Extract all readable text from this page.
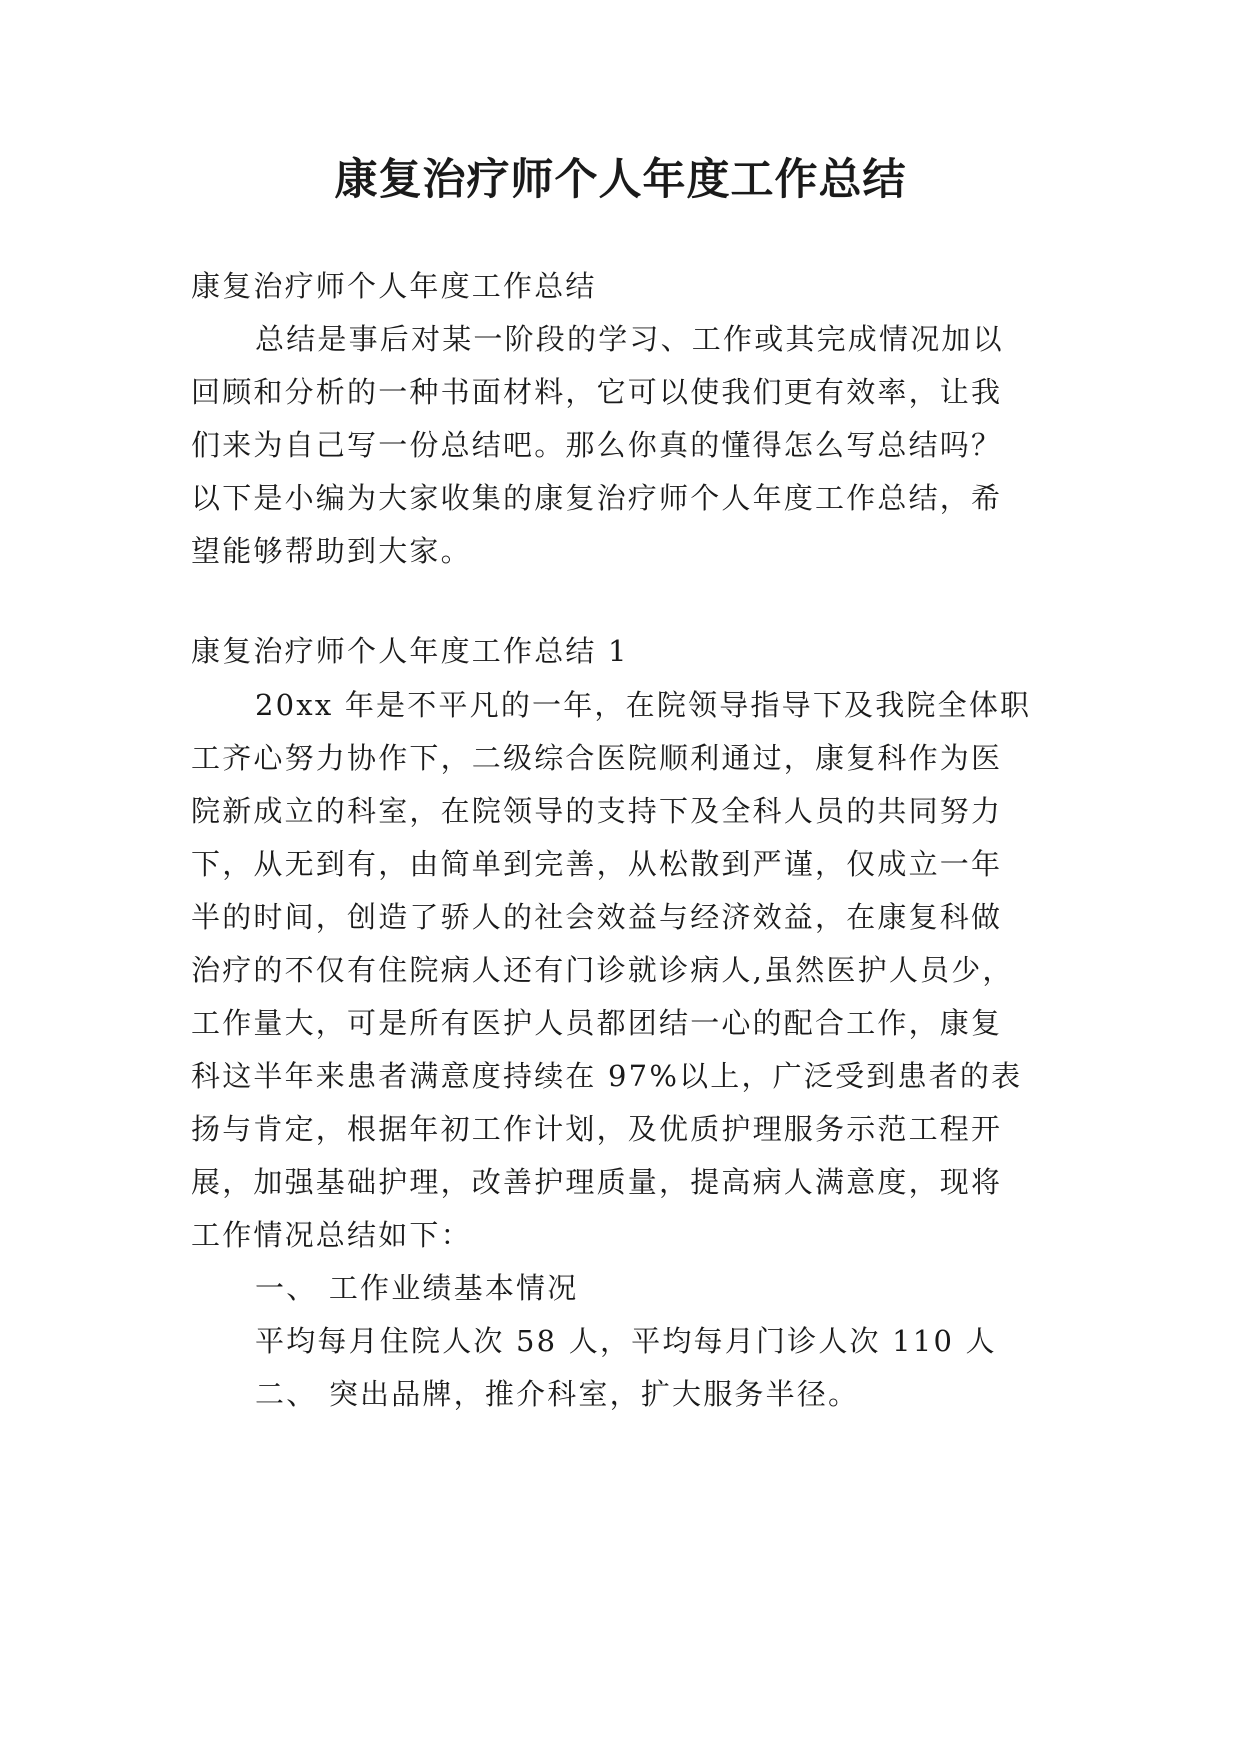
康复治疗师个人年度工作总结
康复治疗师个人年度工作总结
总结是事后对某一阶段的学习、工作或其完成情况加以
回顾和分析的一种书面材料，它可以使我们更有效率，让我
们来为自己写一份总结吧。那么你真的懂得怎么写总结吗？
以下是小编为大家收集的康复治疗师个人年度工作总结，希
望能够帮助到大家。
康复治疗师个人年度工作总结 1
20xx 年是不平凡的一年，在院领导指导下及我院全体职
工齐心努力协作下，二级综合医院顺利通过，康复科作为医
院新成立的科室，在院领导的支持下及全科人员的共同努力
下，从无到有，由简单到完善，从松散到严谨，仅成立一年
半的时间，创造了骄人的社会效益与经济效益，在康复科做
治疗的不仅有住院病人还有门诊就诊病人,虽然医护人员少，
工作量大，可是所有医护人员都团结一心的配合工作，康复
科这半年来患者满意度持续在 97%以上，广泛受到患者的表
扬与肯定，根据年初工作计划，及优质护理服务示范工程开
展，加强基础护理，改善护理质量，提高病人满意度，现将
工作情况总结如下：
一、 工作业绩基本情况
平均每月住院人次 58 人，平均每月门诊人次 110 人
二、 突出品牌，推介科室，扩大服务半径。
